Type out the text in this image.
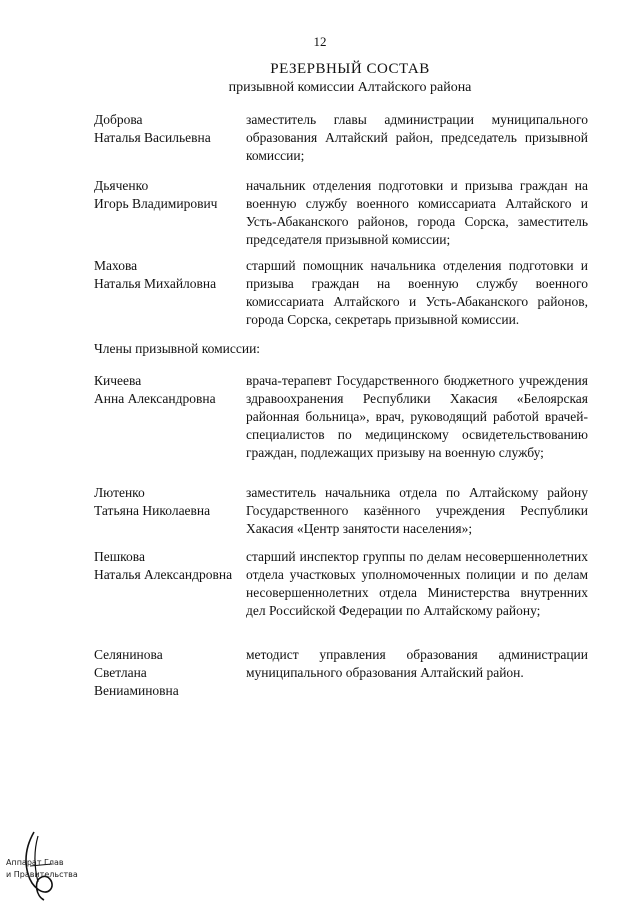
12
РЕЗЕРВНЫЙ СОСТАВ
призывной комиссии Алтайского района
Доброва
Наталья Васильевна
заместитель главы администрации муниципального образования Алтайский район, председатель призывной комиссии;
Дьяченко
Игорь Владимирович
начальник отделения подготовки и призыва граждан на военную службу военного комиссариата Алтайского и Усть-Абаканского районов, города Сорска, заместитель председателя призывной комиссии;
Махова
Наталья Михайловна
старший помощник начальника отделения подготовки и призыва граждан на военную службу военного комиссариата Алтайского и Усть-Абаканского районов, города Сорска, секретарь призывной комиссии.
Члены призывной комиссии:
Кичеева
Анна Александровна
врача-терапевт Государственного бюджетного учреждения здравоохранения Республики Хакасия «Белоярская районная больница», врач, руководящий работой врачей-специалистов по медицинскому освидетельствованию граждан, подлежащих призыву на военную службу;
Лютенко
Татьяна Николаевна
заместитель начальника отдела по Алтайскому району Государственного казённого учреждения Республики Хакасия «Центр занятости населения»;
Пешкова
Наталья Александровна
старший инспектор группы по делам несовершеннолетних отдела участковых уполномоченных полиции и по делам несовершеннолетних отдела Министерства внутренних дел Российской Федерации по Алтайскому району;
Селянинова
Светлана
Вениаминовна
методист управления образования администрации муниципального образования Алтайский район.
Аппарат Глав
и Правительства
